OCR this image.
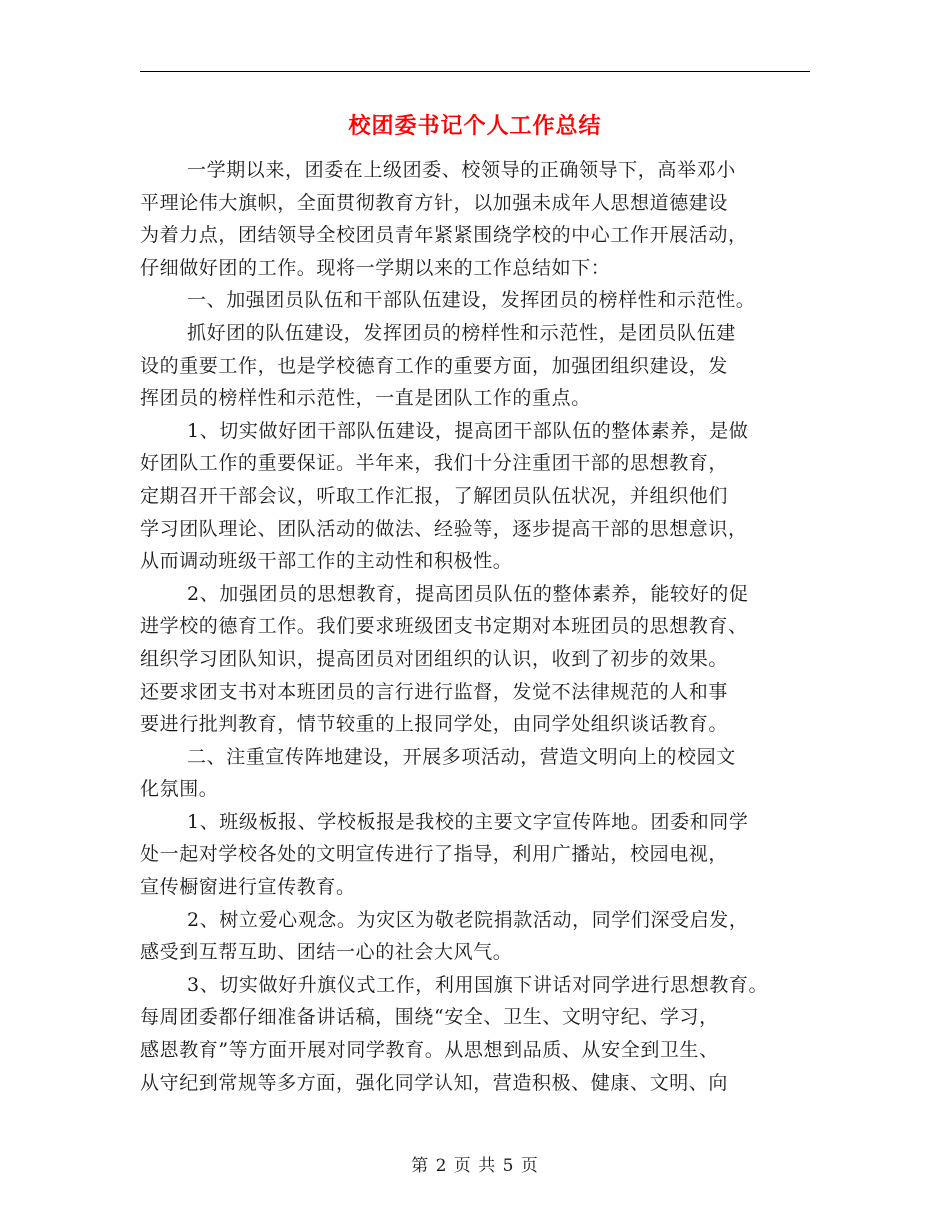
校团委书记个人工作总结
一学期以来，团委在上级团委、校领导的正确领导下，高举邓小
平理论伟大旗帜，全面贯彻教育方针，以加强未成年人思想道德建设
为着力点，团结领导全校团员青年紧紧围绕学校的中心工作开展活动，
仔细做好团的工作。现将一学期以来的工作总结如下：
一、加强团员队伍和干部队伍建设，发挥团员的榜样性和示范性。
抓好团的队伍建设，发挥团员的榜样性和示范性，是团员队伍建
设的重要工作，也是学校德育工作的重要方面，加强团组织建设，发
挥团员的榜样性和示范性，一直是团队工作的重点。
1、切实做好团干部队伍建设，提高团干部队伍的整体素养，是做
好团队工作的重要保证。半年来，我们十分注重团干部的思想教育，
定期召开干部会议，听取工作汇报，了解团员队伍状况，并组织他们
学习团队理论、团队活动的做法、经验等，逐步提高干部的思想意识，
从而调动班级干部工作的主动性和积极性。
2、加强团员的思想教育，提高团员队伍的整体素养，能较好的促
进学校的德育工作。我们要求班级团支书定期对本班团员的思想教育、
组织学习团队知识，提高团员对团组织的认识，收到了初步的效果。
还要求团支书对本班团员的言行进行监督，发觉不法律规范的人和事
要进行批判教育，情节较重的上报同学处，由同学处组织谈话教育。
二、注重宣传阵地建设，开展多项活动，营造文明向上的校园文
化氛围。
1、班级板报、学校板报是我校的主要文字宣传阵地。团委和同学
处一起对学校各处的文明宣传进行了指导，利用广播站，校园电视，
宣传橱窗进行宣传教育。
2、树立爱心观念。为灾区为敬老院捐款活动，同学们深受启发，
感受到互帮互助、团结一心的社会大风气。
3、切实做好升旗仪式工作，利用国旗下讲话对同学进行思想教育。
每周团委都仔细准备讲话稿，围绕“安全、卫生、文明守纪、学习，
感恩教育”等方面开展对同学教育。从思想到品质、从安全到卫生、
从守纪到常规等多方面，强化同学认知，营造积极、健康、文明、向
第 2 页 共 5 页
